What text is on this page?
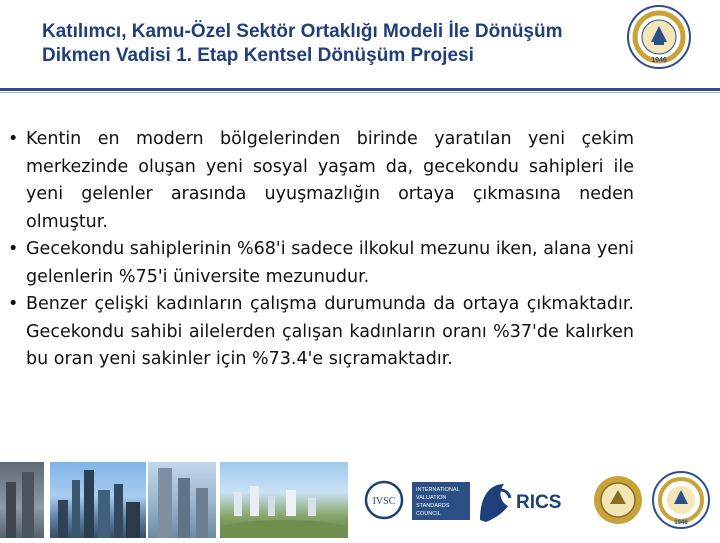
Katılımcı, Kamu-Özel Sektör Ortaklığı Modeli İle Dönüşüm
Dikmen Vadisi 1. Etap Kentsel Dönüşüm Projesi	1946
• Kentin en modern bölgelerinden birinde yaratılan yeni çekim merkezinde oluşan yeni sosyal yaşam da, gecekondu sahipleri ile yeni gelenler arasında uyuşmazlığın ortaya çıkmasına neden olmuştur.
• Gecekondu sahiplerinin %68'i sadece ilkokul mezunu iken, alana yeni gelenlerin %75'i üniversite mezunudur.
• Benzer çelişki kadınların çalışma durumunda da ortaya çıkmaktadır. Gecekondu sahibi ailelerden çalışan kadınların oranı %37'de kalırken bu oran yeni sakinler için %73.4'e sıçramaktadır.
IVSC
INTERNATIONAL
VALUATION
STANDARDS
COUNCIL
RICS
1946
